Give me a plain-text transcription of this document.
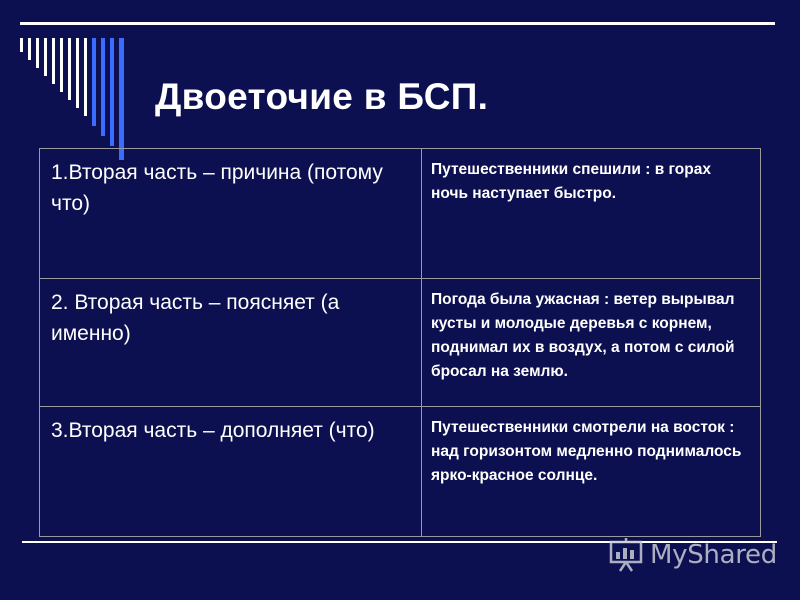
Двоеточие в БСП.
1.Вторая часть – причина (потому что)	Путешественники спешили : в горах ночь наступает быстро.
2. Вторая часть – поясняет (а именно)	Погода была ужасная : ветер вырывал кусты и молодые деревья с корнем, поднимал их в воздух, а потом с силой бросал на землю.
3.Вторая часть – дополняет (что)	Путешественники смотрели на восток : над горизонтом медленно поднималось ярко-красное солнце.
MyShared
